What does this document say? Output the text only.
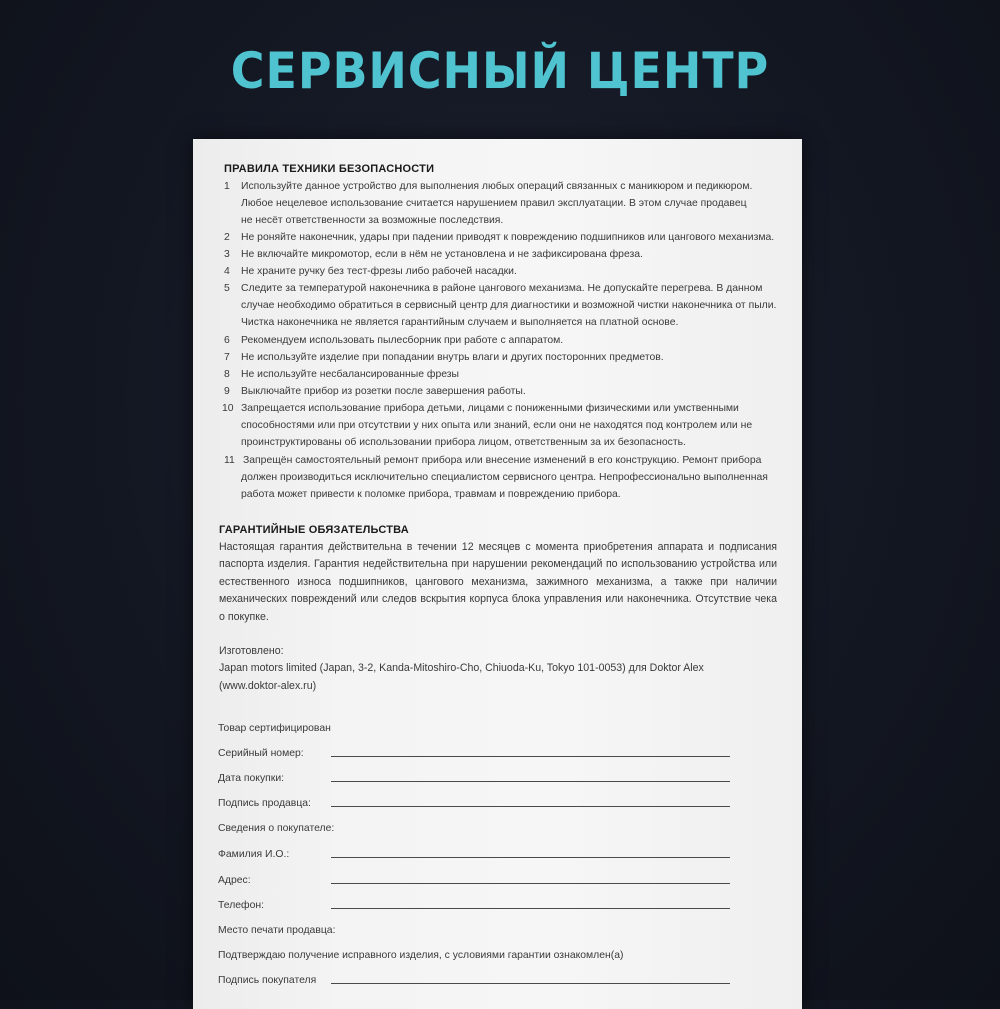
СЕРВИСНЫЙ ЦЕНТР
ПРАВИЛА ТЕХНИКИ БЕЗОПАСНОСТИ
1 Используйте данное устройство для выполнения любых операций связанных с маникюром и педикюром.
Любое нецелевое использование считается нарушением правил эксплуатации. В этом случае продавец
не несёт ответственности за возможные последствия.
2 Не роняйте наконечник, удары при падении приводят к повреждению подшипников или цангового механизма.
3 Не включайте микромотор, если в нём не установлена и не зафиксирована фреза.
4 Не храните ручку без тест-фрезы либо рабочей насадки.
5 Следите за температурой наконечника в районе цангового механизма. Не допускайте перегрева. В данном
случае необходимо обратиться в сервисный центр для диагностики и возможной чистки наконечника от пыли.
Чистка наконечника не является гарантийным случаем и выполняется на платной основе.
6 Рекомендуем использовать пылесборник при работе с аппаратом.
7 Не используйте изделие при попадании внутрь влаги и других посторонних предметов.
8 Не используйте несбалансированные фрезы
9 Выключайте прибор из розетки после завершения работы.
10 Запрещается использование прибора детьми, лицами с пониженными физическими или умственными
способностями или при отсутствии у них опыта или знаний, если они не находятся под контролем или не
проинструктированы об использовании прибора лицом, ответственным за их безопасность.
11 Запрещён самостоятельный ремонт прибора или внесение изменений в его конструкцию. Ремонт прибора
должен производиться исключительно специалистом сервисного центра. Непрофессионально выполненная
работа может привести к поломке прибора, травмам и повреждению прибора.
ГАРАНТИЙНЫЕ ОБЯЗАТЕЛЬСТВА
Настоящая гарантия действительна в течении 12 месяцев с момента приобретения аппарата и подписания
паспорта изделия. Гарантия недействительна при нарушении рекомендаций по использованию устройства или
естественного износа подшипников, цангового механизма, зажимного механизма, а также при наличии
механических повреждений или следов вскрытия корпуса блока управления или наконечника. Отсутствие чека
о покупке.
Изготовлено:
Japan motors limited (Japan, 3-2, Kanda-Mitoshiro-Cho, Chiuoda-Ku, Tokyo 101-0053) для Doktor Alex
(www.doktor-alex.ru)
Товар сертифицирован
Серийный номер:
Дата покупки:
Подпись продавца:
Сведения о покупателе:
Фамилия И.О.:
Адрес:
Телефон:
Место печати продавца:
Подтверждаю получение исправного изделия, с условиями гарантии ознакомлен(а)
Подпись покупателя
